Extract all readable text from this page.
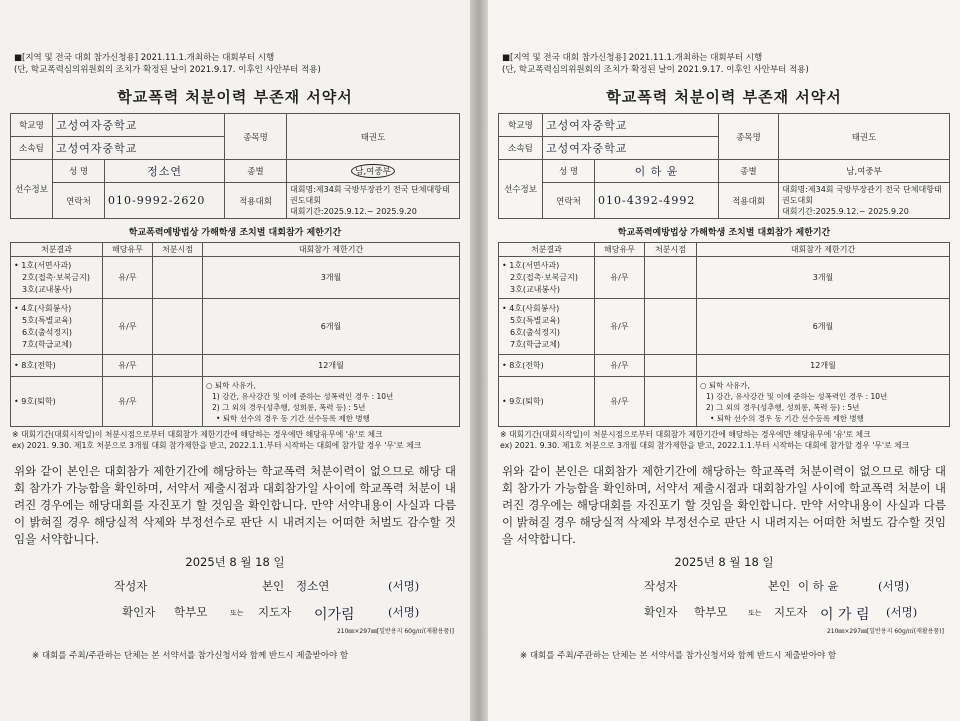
■[지역 및 전국 대회 참가신청용] 2021.11.1.개최하는 대회부터 시행
(단, 학교폭력심의위원회의 조치가 확정된 날이 2021.9.17. 이후인 사안부터 적용)
학교폭력 처분이력 부존재 서약서
학교명	고성여자중학교		종목명	태권도
소속팀	고성여자중학교			
선수정보	성 명	정소연	종별	남,여중부
	연락처	010-9992-2620	적용대회	대회명:제34회 국방부장관기 전국 단체대항태권도대회
대회기간:2025.9.12.~ 2025.9.20
학교폭력예방법상 가해학생 조치별 대회참가 제한기간
처분결과	해당유무	처분시점	대회참가 제한기간

• 1호(서면사과)
2호(접촉·보복금지)
3호(교내봉사)	유/무		3개월

• 4호(사회봉사)
5호(특별교육)
6호(출석정지)
7호(학급교체)	유/무		6개월

• 8호(전학)	유/무		12개월

• 9호(퇴학)	유/무		○ 퇴학 사유가,
1) 강간, 유사강간 및 이에 준하는 성폭력인 경우 : 10년
2) 그 외의 경우(성추행, 성희롱, 폭력 등) : 5년
• 퇴학 선수의 경우 동 기간 선수등록 제한 병행
※ 대회기간(대회시작일)이 처분시점으로부터 대회참가 제한기간에 해당하는 경우에만 해당유무에 '유'로 체크
ex) 2021. 9.30. 제1호 처분으로 3개월 대회 참가제한을 받고, 2022.1.1.부터 시작하는 대회에 참가할 경우 '무'로 체크
위와 같이 본인은 대회참가 제한기간에 해당하는 학교폭력 처분이력이 없으므로 해당 대회 참가가 가능함을 확인하며, 서약서 제출시점과 대회참가일 사이에 학교폭력 처분이 내려진 경우에는 해당대회를 자진포기 할 것임을 확인합니다. 만약 서약내용이 사실과 다름이 밝혀질 경우 해당실적 삭제와 부정선수로 판단 시 내려지는 어떠한 처벌도 감수할 것임을 서약합니다.
2025년 8 월 18 일
작성자	본인 정소연	(서명)
확인자 학부모	또는 지도자 이가림	(서명)
210㎜×297㎜[일반용지 60g/㎡(재활용품)]
※ 대회를 주최/주관하는 단체는 본 서약서를 참가신청서와 함께 반드시 제출받아야 함
■[지역 및 전국 대회 참가신청용] 2021.11.1.개최하는 대회부터 시행
(단, 학교폭력심의위원회의 조치가 확정된 날이 2021.9.17. 이후인 사안부터 적용)
학교폭력 처분이력 부존재 서약서
학교명	고성여자중학교		종목명	태권도
소속팀	고성여자중학교			
선수정보	성 명	이 하 윤	종별	남,여중부
	연락처	010-4392-4992	적용대회	대회명:제34회 국방부장관기 전국 단체대항태권도대회
대회기간:2025.9.12.~ 2025.9.20
학교폭력예방법상 가해학생 조치별 대회참가 제한기간
처분결과	해당유무	처분시점	대회참가 제한기간

• 1호(서면사과)
2호(접촉·보복금지)
3호(교내봉사)	유/무		3개월

• 4호(사회봉사)
5호(특별교육)
6호(출석정지)
7호(학급교체)	유/무		6개월

• 8호(전학)	유/무		12개월

• 9호(퇴학)	유/무		○ 퇴학 사유가,
1) 강간, 유사강간 및 이에 준하는 성폭력인 경우 : 10년
2) 그 외의 경우(성추행, 성희롱, 폭력 등) : 5년
• 퇴학 선수의 경우 동 기간 선수등록 제한 병행
※ 대회기간(대회시작일)이 처분시점으로부터 대회참가 제한기간에 해당하는 경우에만 해당유무에 '유'로 체크
ex) 2021. 9.30. 제1호 처분으로 3개월 대회 참가제한을 받고, 2022.1.1.부터 시작하는 대회에 참가할 경우 '무'로 체크
위와 같이 본인은 대회참가 제한기간에 해당하는 학교폭력 처분이력이 없으므로 해당 대회 참가가 가능함을 확인하며, 서약서 제출시점과 대회참가일 사이에 학교폭력 처분이 내려진 경우에는 해당대회를 자진포기 할 것임을 확인합니다. 만약 서약내용이 사실과 다름이 밝혀질 경우 해당실적 삭제와 부정선수로 판단 시 내려지는 어떠한 처벌도 감수할 것임을 서약합니다.
2025년 8 월 18 일
작성자	본인 이 하 윤	(서명)
확인자 학부모	또는 지도자 이 가 림 (서명)
210㎜×297㎜[일반용지 60g/㎡(재활용품)]
※ 대회를 주최/주관하는 단체는 본 서약서를 참가신청서와 함께 반드시 제출받아야 함
